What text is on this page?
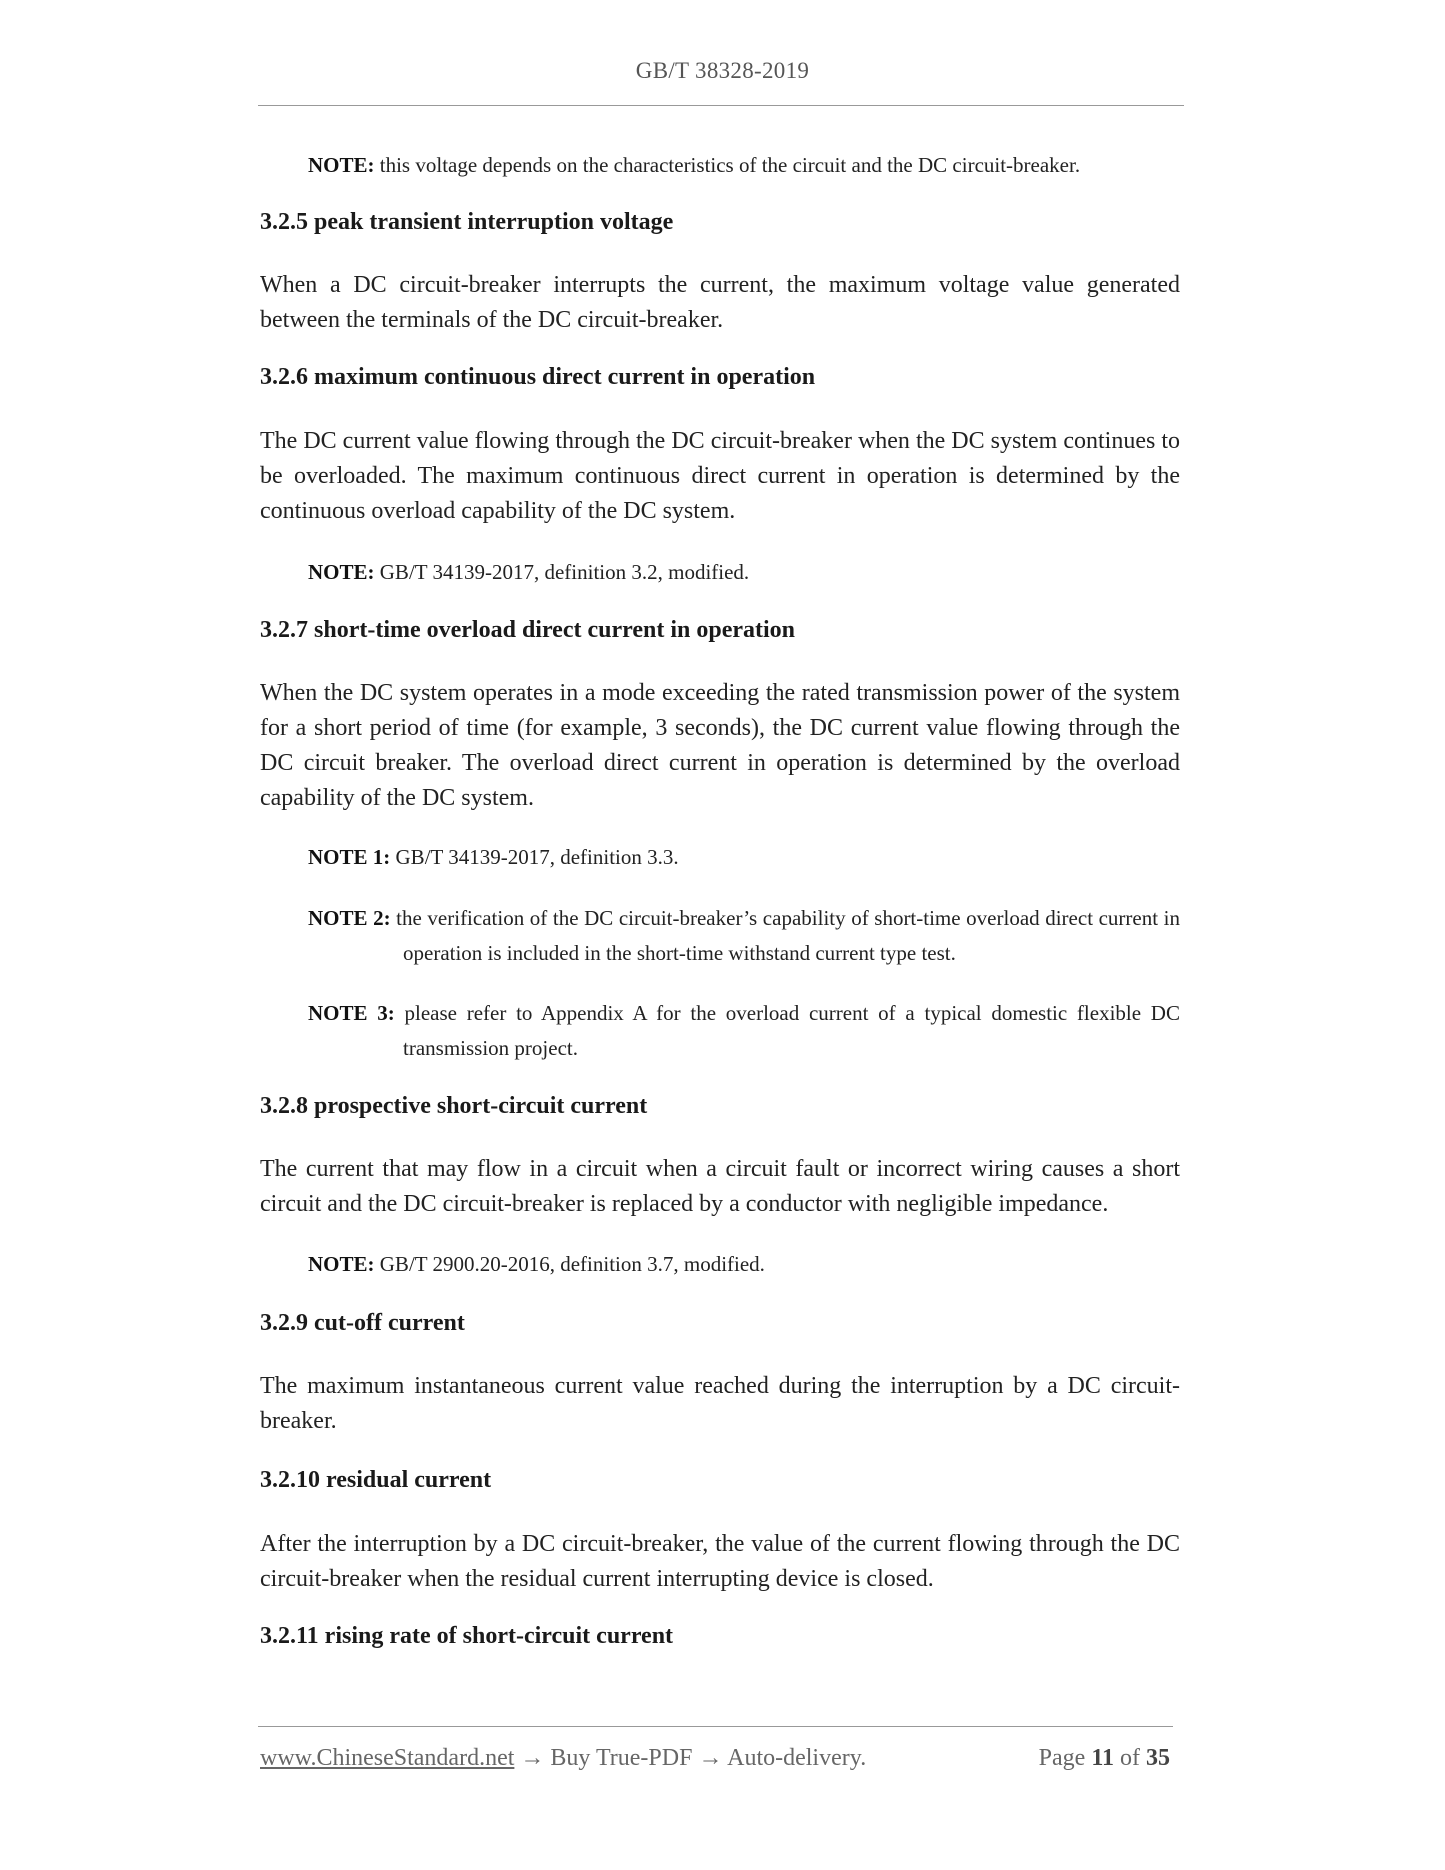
GB/T 38328-2019
NOTE: this voltage depends on the characteristics of the circuit and the DC circuit-breaker.
3.2.5 peak transient interruption voltage
When a DC circuit-breaker interrupts the current, the maximum voltage value generated between the terminals of the DC circuit-breaker.
3.2.6 maximum continuous direct current in operation
The DC current value flowing through the DC circuit-breaker when the DC system continues to be overloaded. The maximum continuous direct current in operation is determined by the continuous overload capability of the DC system.
NOTE: GB/T 34139-2017, definition 3.2, modified.
3.2.7 short-time overload direct current in operation
When the DC system operates in a mode exceeding the rated transmission power of the system for a short period of time (for example, 3 seconds), the DC current value flowing through the DC circuit breaker. The overload direct current in operation is determined by the overload capability of the DC system.
NOTE 1: GB/T 34139-2017, definition 3.3.
NOTE 2: the verification of the DC circuit-breaker’s capability of short-time overload direct current in operation is included in the short-time withstand current type test.
NOTE 3: please refer to Appendix A for the overload current of a typical domestic flexible DC transmission project.
3.2.8 prospective short-circuit current
The current that may flow in a circuit when a circuit fault or incorrect wiring causes a short circuit and the DC circuit-breaker is replaced by a conductor with negligible impedance.
NOTE: GB/T 2900.20-2016, definition 3.7, modified.
3.2.9 cut-off current
The maximum instantaneous current value reached during the interruption by a DC circuit-breaker.
3.2.10 residual current
After the interruption by a DC circuit-breaker, the value of the current flowing through the DC circuit-breaker when the residual current interrupting device is closed.
3.2.11 rising rate of short-circuit current
www.ChineseStandard.net → Buy True-PDF → Auto-delivery.	Page 11 of 35
